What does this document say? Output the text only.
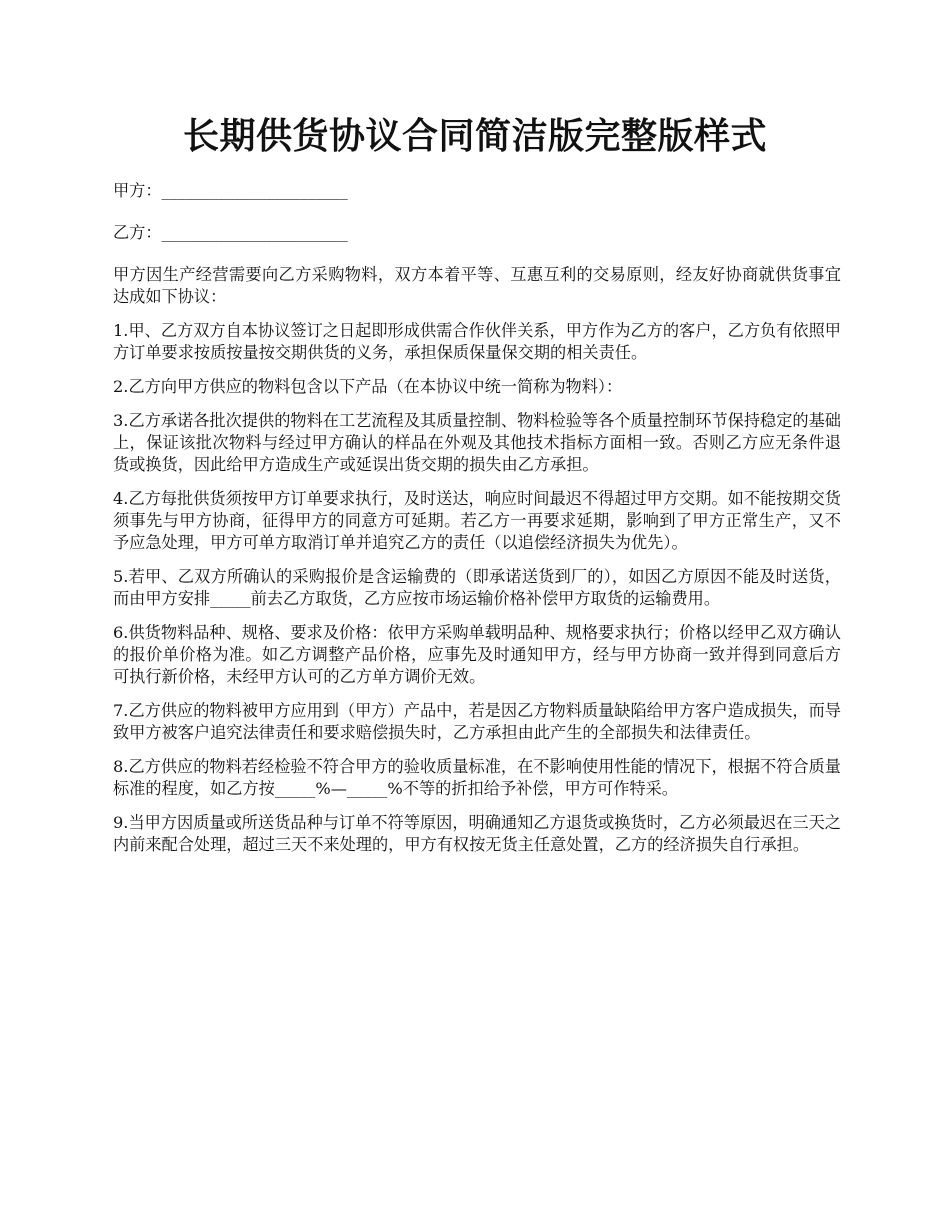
长期供货协议合同简洁版完整版样式

甲方：_______________________

乙方：_______________________

甲方因生产经营需要向乙方采购物料，双方本着平等、互惠互利的交易原则，经友好协商就供货事宜达成如下协议：

1.甲、乙方双方自本协议签订之日起即形成供需合作伙伴关系，甲方作为乙方的客户，乙方负有依照甲方订单要求按质按量按交期供货的义务，承担保质保量保交期的相关责任。

2.乙方向甲方供应的物料包含以下产品（在本协议中统一简称为物料）：

3.乙方承诺各批次提供的物料在工艺流程及其质量控制、物料检验等各个质量控制环节保持稳定的基础上，保证该批次物料与经过甲方确认的样品在外观及其他技术指标方面相一致。否则乙方应无条件退货或换货，因此给甲方造成生产或延误出货交期的损失由乙方承担。

4.乙方每批供货须按甲方订单要求执行，及时送达，响应时间最迟不得超过甲方交期。如不能按期交货须事先与甲方协商，征得甲方的同意方可延期。若乙方一再要求延期，影响到了甲方正常生产，又不予应急处理，甲方可单方取消订单并追究乙方的责任（以追偿经济损失为优先）。

5.若甲、乙双方所确认的采购报价是含运输费的（即承诺送货到厂的），如因乙方原因不能及时送货，而由甲方安排_____前去乙方取货，乙方应按市场运输价格补偿甲方取货的运输费用。

6.供货物料品种、规格、要求及价格：依甲方采购单载明品种、规格要求执行；价格以经甲乙双方确认的报价单价格为准。如乙方调整产品价格，应事先及时通知甲方，经与甲方协商一致并得到同意后方可执行新价格，未经甲方认可的乙方单方调价无效。

7.乙方供应的物料被甲方应用到（甲方）产品中，若是因乙方物料质量缺陷给甲方客户造成损失，而导致甲方被客户追究法律责任和要求赔偿损失时，乙方承担由此产生的全部损失和法律责任。

8.乙方供应的物料若经检验不符合甲方的验收质量标准，在不影响使用性能的情况下，根据不符合质量标准的程度，如乙方按_____%—_____%不等的折扣给予补偿，甲方可作特采。

9.当甲方因质量或所送货品种与订单不符等原因，明确通知乙方退货或换货时，乙方必须最迟在三天之内前来配合处理，超过三天不来处理的，甲方有权按无货主任意处置，乙方的经济损失自行承担。
